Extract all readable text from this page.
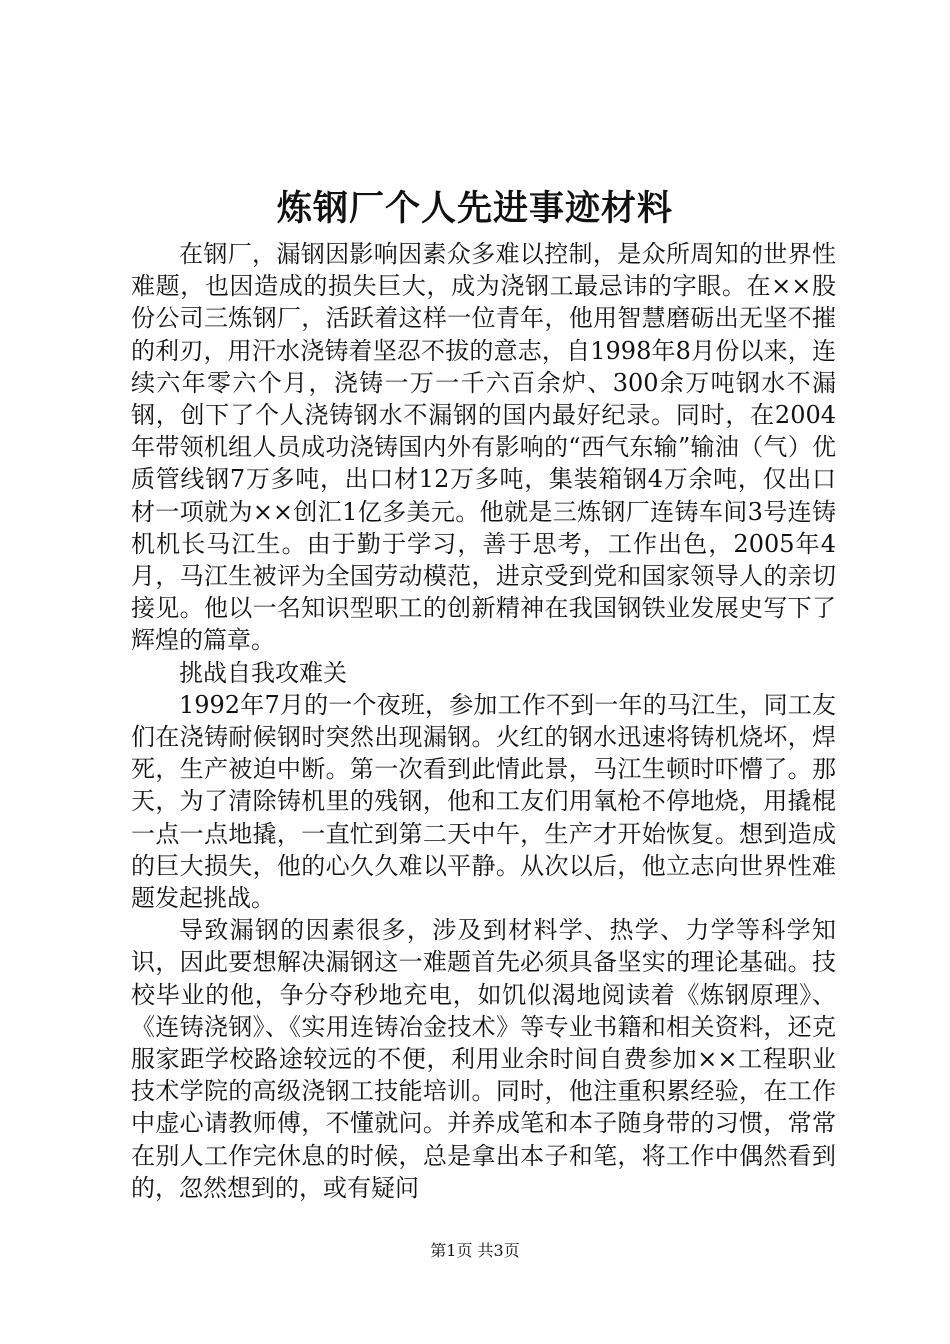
炼钢厂个人先进事迹材料

在钢厂，漏钢因影响因素众多难以控制，是众所周知的世界性难题，也因造成的损失巨大，成为浇钢工最忌讳的字眼。在××股份公司三炼钢厂，活跃着这样一位青年，他用智慧磨砺出无坚不摧的利刃，用汗水浇铸着坚忍不拔的意志，自1998年8月份以来，连续六年零六个月，浇铸一万一千六百余炉、300余万吨钢水不漏钢，创下了个人浇铸钢水不漏钢的国内最好纪录。同时，在2004年带领机组人员成功浇铸国内外有影响的“西气东输”输油（气）优质管线钢7万多吨，出口材12万多吨，集装箱钢4万余吨，仅出口材一项就为××创汇1亿多美元。他就是三炼钢厂连铸车间3号连铸机机长马江生。由于勤于学习，善于思考，工作出色，2005年4月，马江生被评为全国劳动模范，进京受到党和国家领导人的亲切接见。他以一名知识型职工的创新精神在我国钢铁业发展史写下了辉煌的篇章。

挑战自我攻难关

1992年7月的一个夜班，参加工作不到一年的马江生，同工友们在浇铸耐候钢时突然出现漏钢。火红的钢水迅速将铸机烧坏，焊死，生产被迫中断。第一次看到此情此景，马江生顿时吓懵了。那天，为了清除铸机里的残钢，他和工友们用氧枪不停地烧，用撬棍一点一点地撬，一直忙到第二天中午，生产才开始恢复。想到造成的巨大损失，他的心久久难以平静。从次以后，他立志向世界性难题发起挑战。

导致漏钢的因素很多，涉及到材料学、热学、力学等科学知识，因此要想解决漏钢这一难题首先必须具备坚实的理论基础。技校毕业的他，争分夺秒地充电，如饥似渴地阅读着《炼钢原理》、《连铸浇钢》、《实用连铸冶金技术》等专业书籍和相关资料，还克服家距学校路途较远的不便，利用业余时间自费参加××工程职业技术学院的高级浇钢工技能培训。同时，他注重积累经验，在工作中虚心请教师傅，不懂就问。并养成笔和本子随身带的习惯，常常在别人工作完休息的时候，总是拿出本子和笔，将工作中偶然看到的，忽然想到的，或有疑问

第1页 共3页
